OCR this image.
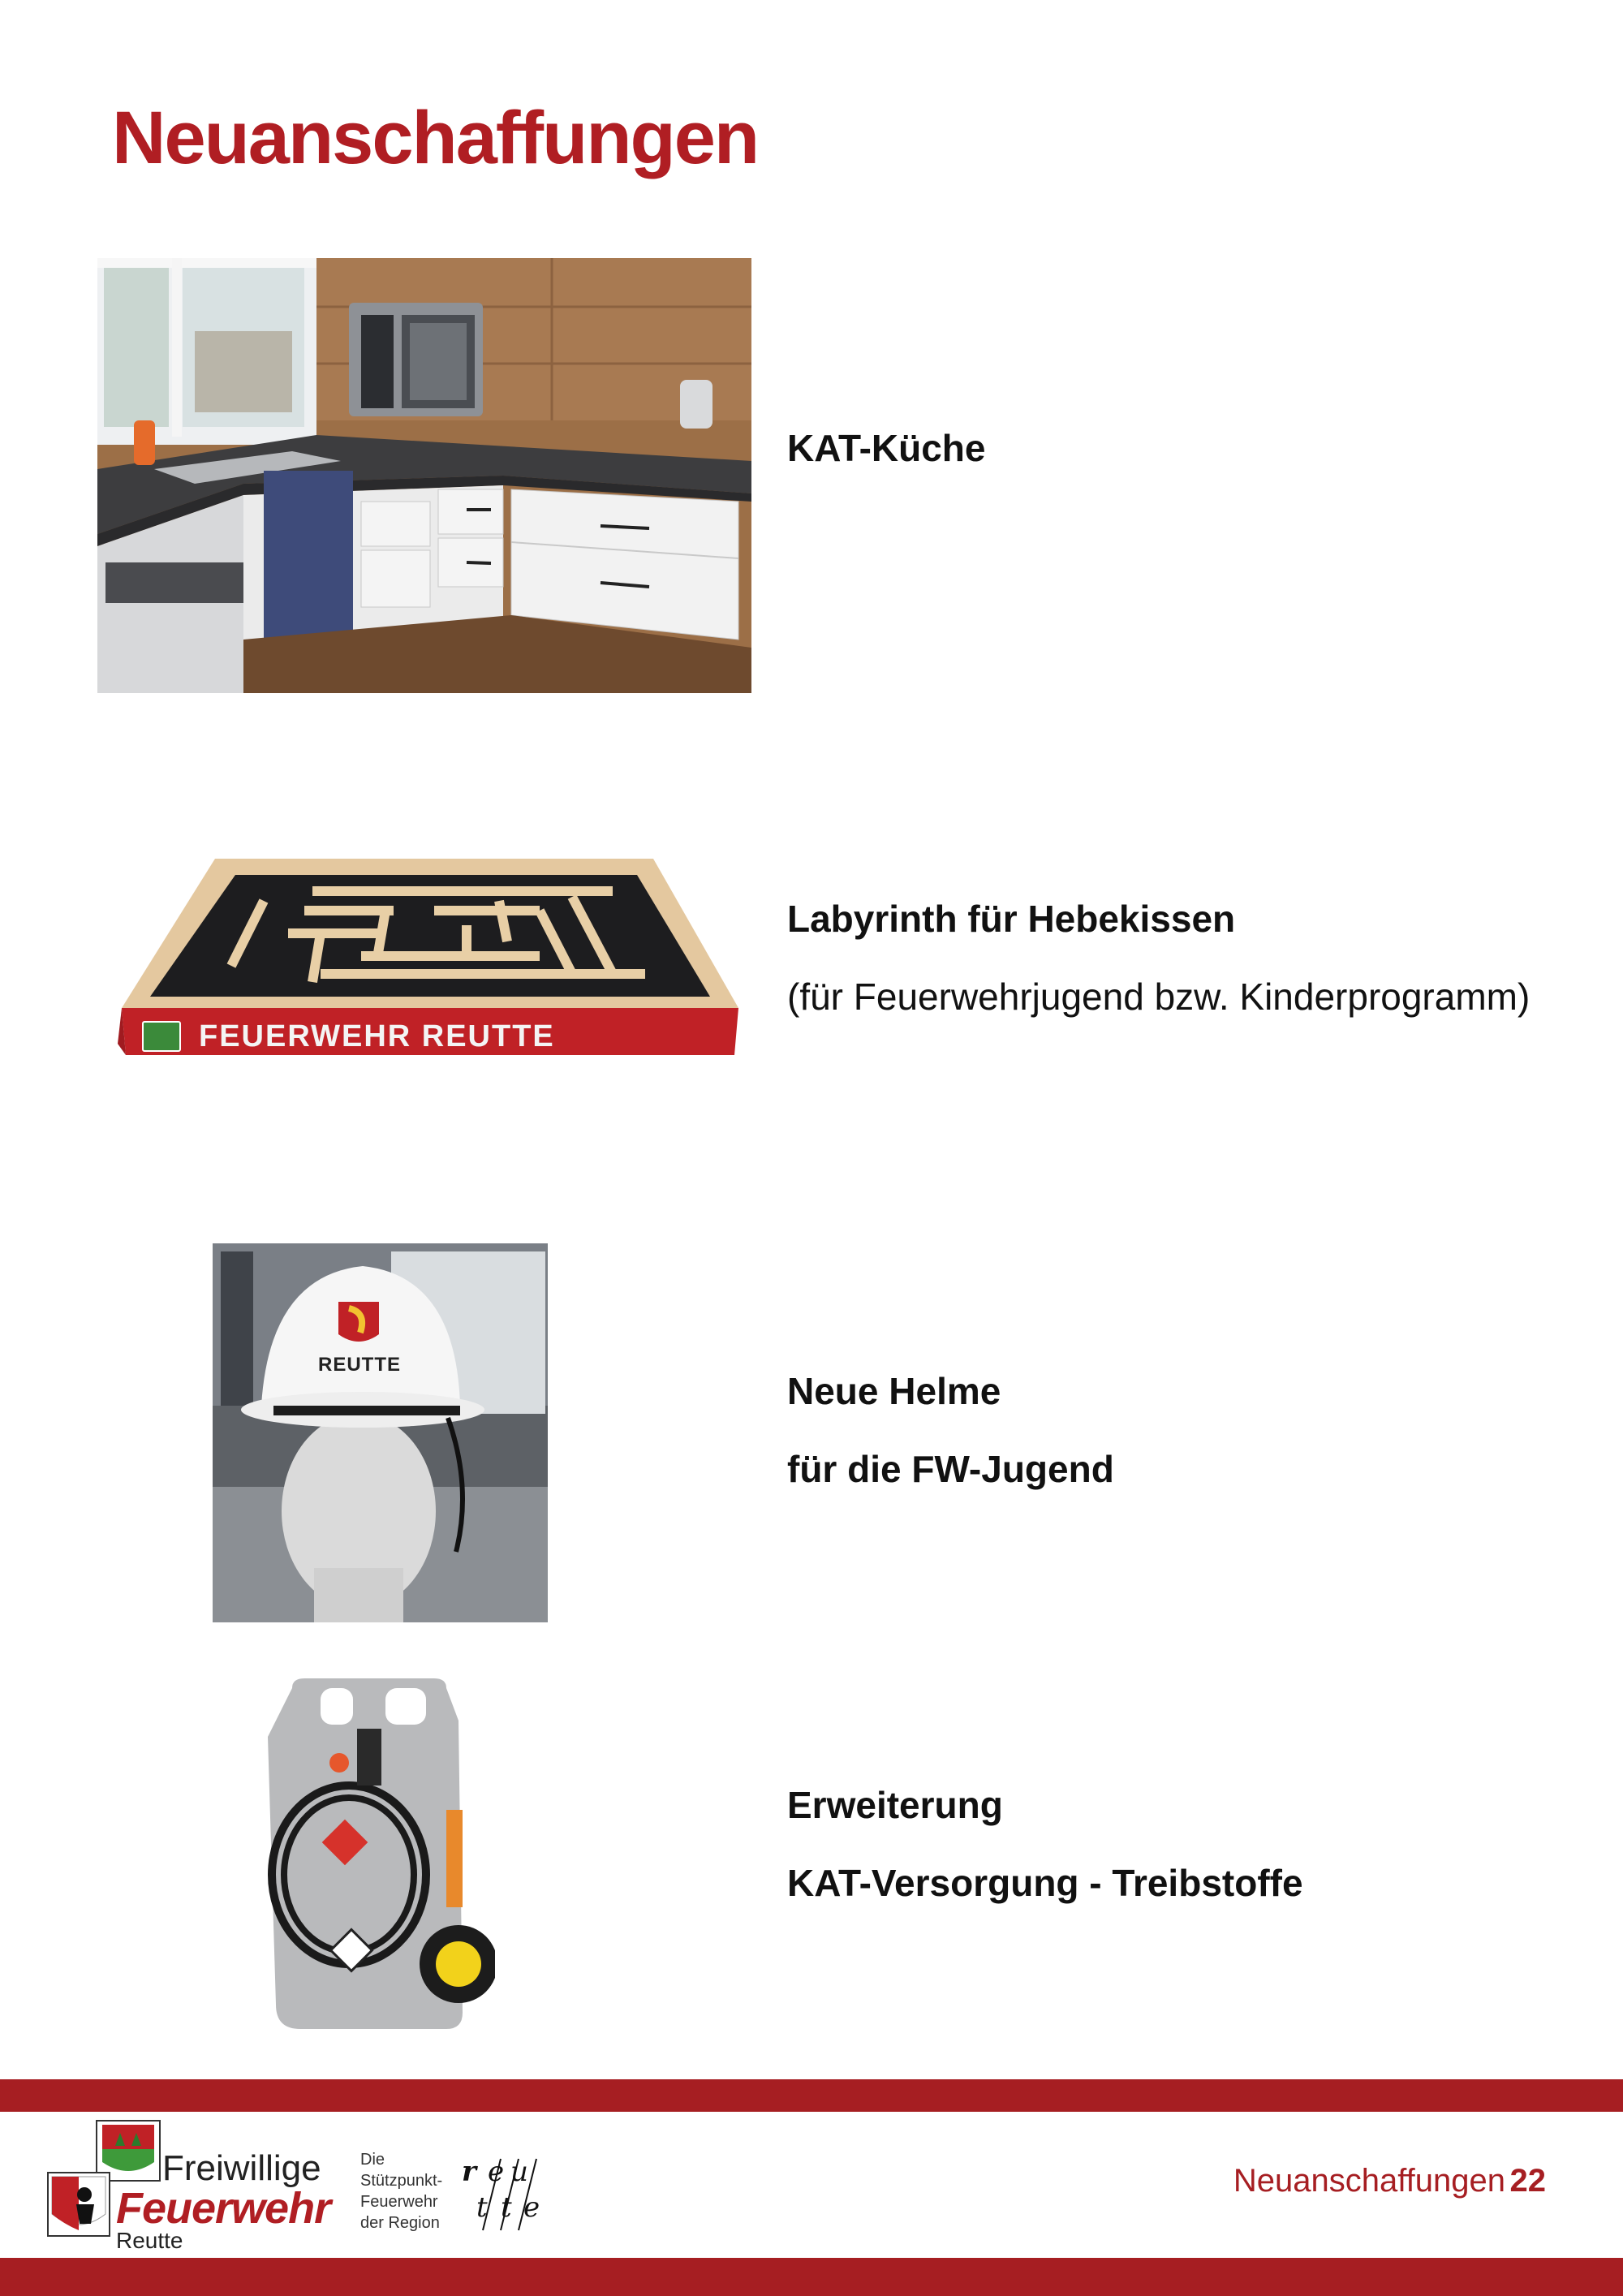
Neuanschaffungen
KAT-Küche
FEUERWEHR REUTTE
Labyrinth für Hebekissen
(für Feuerwehrjugend bzw. Kinderprogramm)
REUTTE
Neue Helme
für die FW-Jugend
Erweiterung
KAT-Versorgung - Treibstoffe
Freiwillige
Feuerwehr
Reutte
Die
Stützpunkt-
Feuerwehr
der Region
r e u
t t e
Neuanschaffungen 22
